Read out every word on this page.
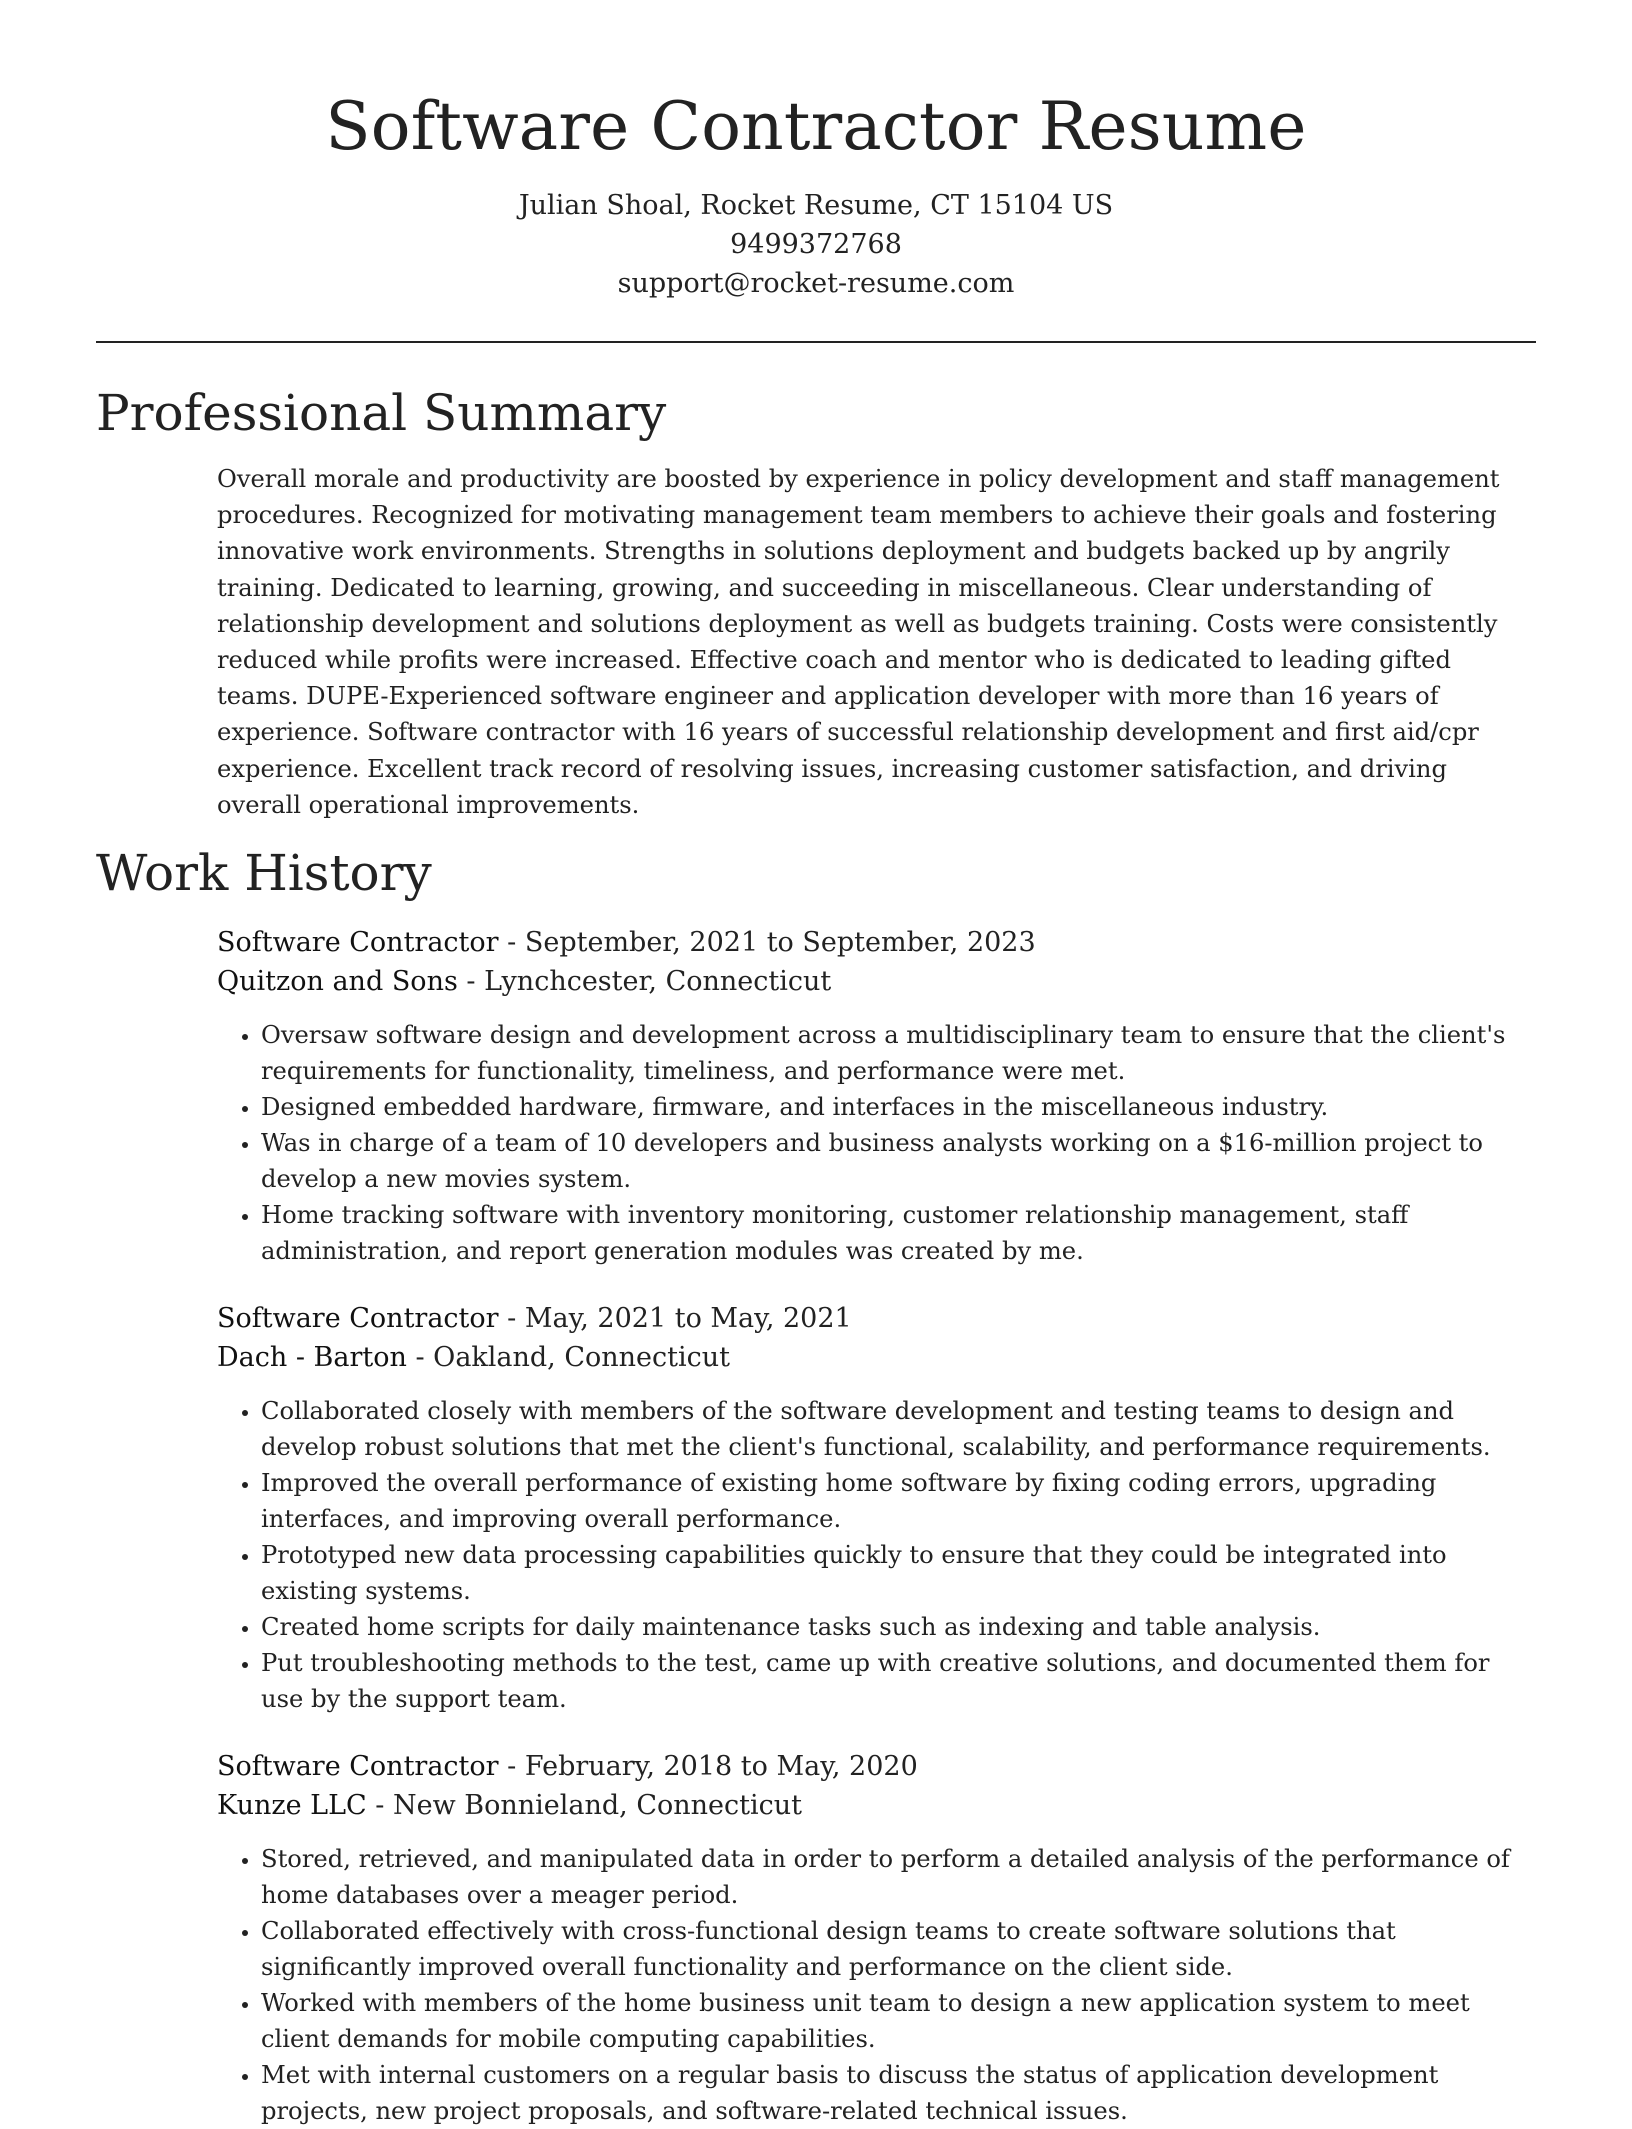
Software Contractor Resume
Julian Shoal, Rocket Resume, CT 15104 US
9499372768
support@rocket-resume.com
Professional Summary

Overall morale and productivity are boosted by experience in policy development and staff management procedures. Recognized for motivating management team members to achieve their goals and fostering innovative work environments. Strengths in solutions deployment and budgets backed up by angrily training. Dedicated to learning, growing, and succeeding in miscellaneous. Clear understanding of relationship development and solutions deployment as well as budgets training. Costs were consistently reduced while profits were increased. Effective coach and mentor who is dedicated to leading gifted teams. DUPE-Experienced software engineer and application developer with more than 16 years of experience. Software contractor with 16 years of successful relationship development and first aid/cpr experience. Excellent track record of resolving issues, increasing customer satisfaction, and driving overall operational improvements.

Work History
Software Contractor - September, 2021 to September, 2023
Quitzon and Sons - Lynchcester, Connecticut
• Oversaw software design and development across a multidisciplinary team to ensure that the client's requirements for functionality, timeliness, and performance were met.
• Designed embedded hardware, firmware, and interfaces in the miscellaneous industry.
• Was in charge of a team of 10 developers and business analysts working on a $16-million project to develop a new movies system.
• Home tracking software with inventory monitoring, customer relationship management, staff administration, and report generation modules was created by me.
Software Contractor - May, 2021 to May, 2021
Dach - Barton - Oakland, Connecticut
• Collaborated closely with members of the software development and testing teams to design and develop robust solutions that met the client's functional, scalability, and performance requirements.
• Improved the overall performance of existing home software by fixing coding errors, upgrading interfaces, and improving overall performance.
• Prototyped new data processing capabilities quickly to ensure that they could be integrated into existing systems.
• Created home scripts for daily maintenance tasks such as indexing and table analysis.
• Put troubleshooting methods to the test, came up with creative solutions, and documented them for use by the support team.
Software Contractor - February, 2018 to May, 2020
Kunze LLC - New Bonnieland, Connecticut
• Stored, retrieved, and manipulated data in order to perform a detailed analysis of the performance of home databases over a meager period.
• Collaborated effectively with cross-functional design teams to create software solutions that significantly improved overall functionality and performance on the client side.
• Worked with members of the home business unit team to design a new application system to meet client demands for mobile computing capabilities.
• Met with internal customers on a regular basis to discuss the status of application development projects, new project proposals, and software-related technical issues.
